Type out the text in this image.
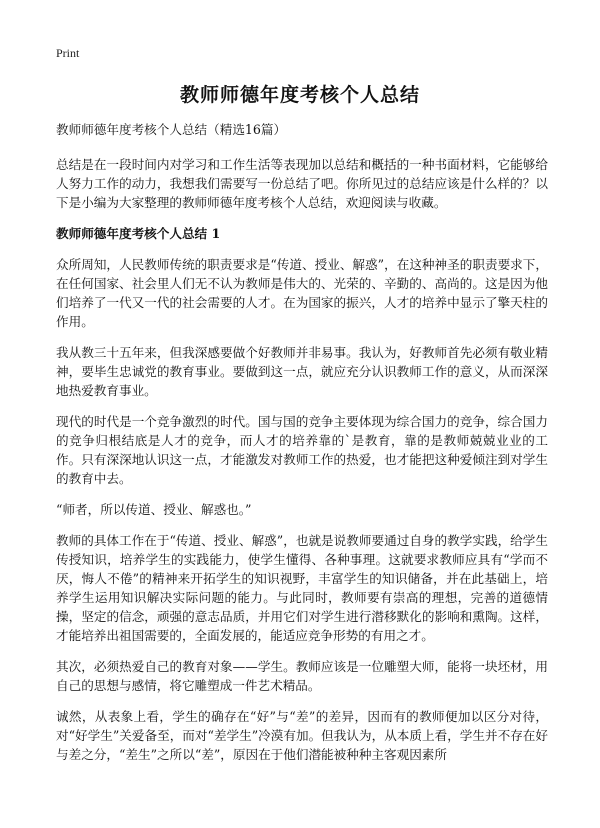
Print
教师师德年度考核个人总结

教师师德年度考核个人总结（精选16篇）

总结是在一段时间内对学习和工作生活等表现加以总结和概括的一种书面材料，它能够给人努力工作的动力，我想我们需要写一份总结了吧。你所见过的总结应该是什么样的？以下是小编为大家整理的教师师德年度考核个人总结，欢迎阅读与收藏。

教师师德年度考核个人总结 1

众所周知，人民教师传统的职责要求是“传道、授业、解惑”，在这种神圣的职责要求下，在任何国家、社会里人们无不认为教师是伟大的、光荣的、辛勤的、高尚的。这是因为他们培养了一代又一代的社会需要的人才。在为国家的振兴，人才的培养中显示了擎天柱的作用。

我从教三十五年来，但我深感要做个好教师并非易事。我认为，好教师首先必须有敬业精神，要毕生忠诚党的教育事业。要做到这一点，就应充分认识教师工作的意义，从而深深地热爱教育事业。

现代的时代是一个竞争激烈的时代。国与国的竞争主要体现为综合国力的竞争，综合国力的竞争归根结底是人才的竞争，而人才的培养靠的`是教育，靠的是教师兢兢业业的工作。只有深深地认识这一点，才能激发对教师工作的热爱，也才能把这种爱倾注到对学生的教育中去。

“师者，所以传道、授业、解惑也。”

教师的具体工作在于“传道、授业、解惑”，也就是说教师要通过自身的教学实践，给学生传授知识，培养学生的实践能力，使学生懂得、各种事理。这就要求教师应具有“学而不厌，悔人不倦”的精神来开拓学生的知识视野，丰富学生的知识储备，并在此基础上，培养学生运用知识解决实际问题的能力。与此同时，教师要有崇高的理想，完善的道德情操，坚定的信念，顽强的意志品质，并用它们对学生进行潜移默化的影响和熏陶。这样，才能培养出祖国需要的，全面发展的，能适应竞争形势的有用之才。

其次，必须热爱自己的教育对象——学生。教师应该是一位雕塑大师，能将一块坯材，用自己的思想与感情，将它雕塑成一件艺术精品。

诚然，从表象上看，学生的确存在“好”与“差”的差异，因而有的教师便加以区分对待，对“好学生”关爱备至，而对“差学生”冷漠有加。但我认为，从本质上看，学生并不存在好与差之分，“差生”之所以“差”，原因在于他们潜能被种种主客观因素所
